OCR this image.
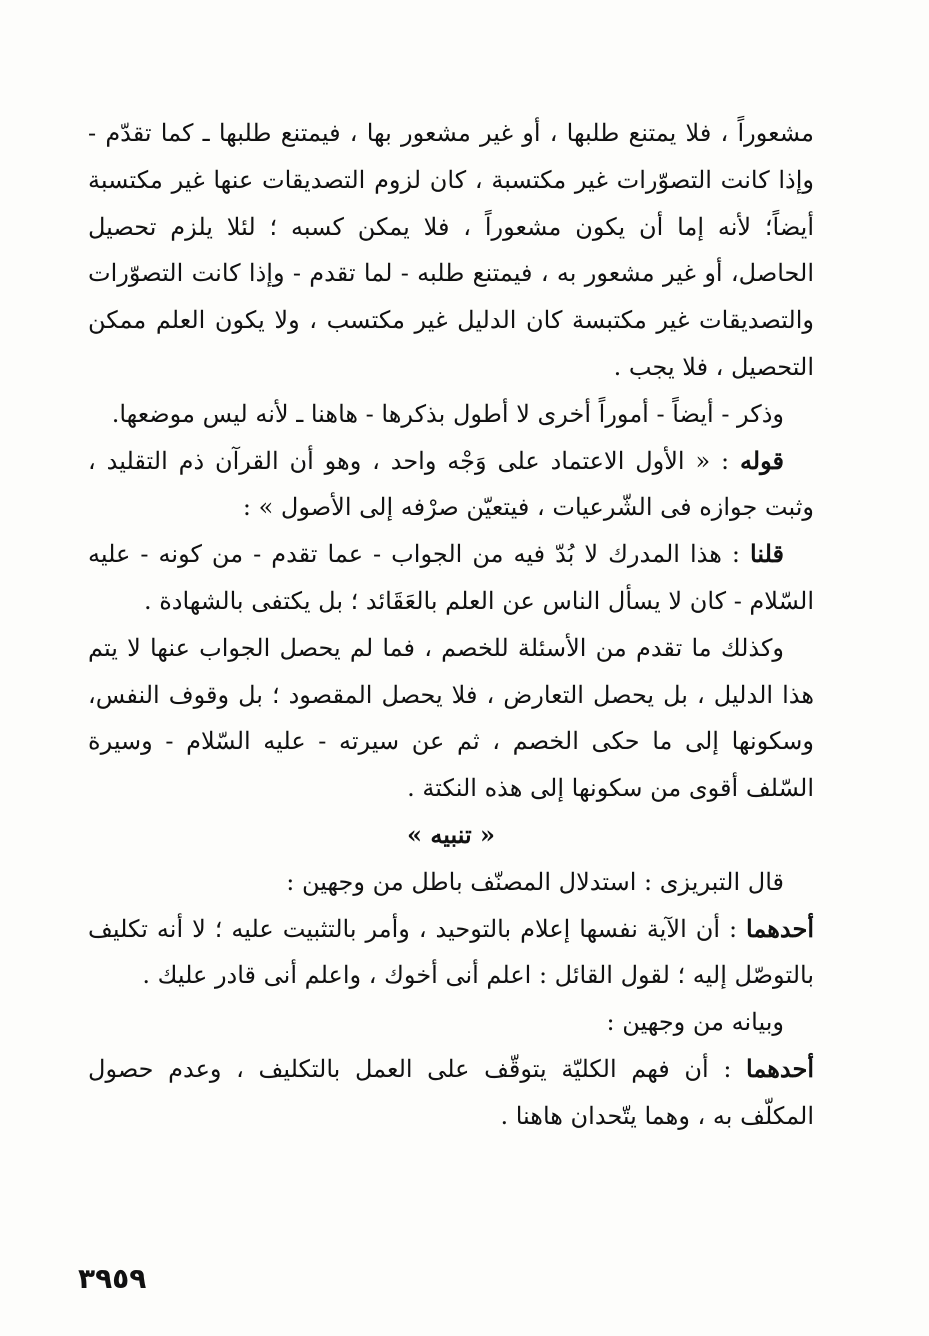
مشعوراً ، فلا يمتنع طلبها ، أو غير مشعور بها ، فيمتنع طلبها ـ كما تقدّم - وإذا كانت التصوّرات غير مكتسبة ، كان لزوم التصديقات عنها غير مكتسبة أيضاً؛ لأنه إما أن يكون مشعوراً ، فلا يمكن كسبه ؛ لئلا يلزم تحصيل الحاصل، أو غير مشعور به ، فيمتنع طلبه - لما تقدم - وإذا كانت التصوّرات والتصديقات غير مكتبسة كان الدليل غير مكتسب ، ولا يكون العلم ممكن التحصيل ، فلا يجب .

وذكر - أيضاً - أموراً أخرى لا أطول بذكرها - هاهنا ـ لأنه ليس موضعها.

قوله : « الأول الاعتماد على وَجْه واحد ، وهو أن القرآن ذم التقليد ، وثبت جوازه فى الشّرعيات ، فيتعيّن صرْفه إلى الأصول » :

قلنا : هذا المدرك لا بُدّ فيه من الجواب - عما تقدم - من كونه - عليه السّلام - كان لا يسأل الناس عن العلم بالعَقَائد ؛ بل يكتفى بالشهادة .

وكذلك ما تقدم من الأسئلة للخصم ، فما لم يحصل الجواب عنها لا يتم هذا الدليل ، بل يحصل التعارض ، فلا يحصل المقصود ؛ بل وقوف النفس، وسكونها إلى ما حكى الخصم ، ثم عن سيرته - عليه السّلام - وسيرة السّلف أقوى من سكونها إلى هذه النكتة .

« تنبيه »

قال التبريزى : استدلال المصنّف باطل من وجهين :

أحدهما : أن الآية نفسها إعلام بالتوحيد ، وأمر بالتثبيت عليه ؛ لا أنه تكليف بالتوصّل إليه ؛ لقول القائل : اعلم أنى أخوك ، واعلم أنى قادر عليك .

وبيانه من وجهين :

أحدهما : أن فهم الكليّة يتوقّف على العمل بالتكليف ، وعدم حصول المكلّف به ، وهما يتّحدان هاهنا .

٣٩٥٩
